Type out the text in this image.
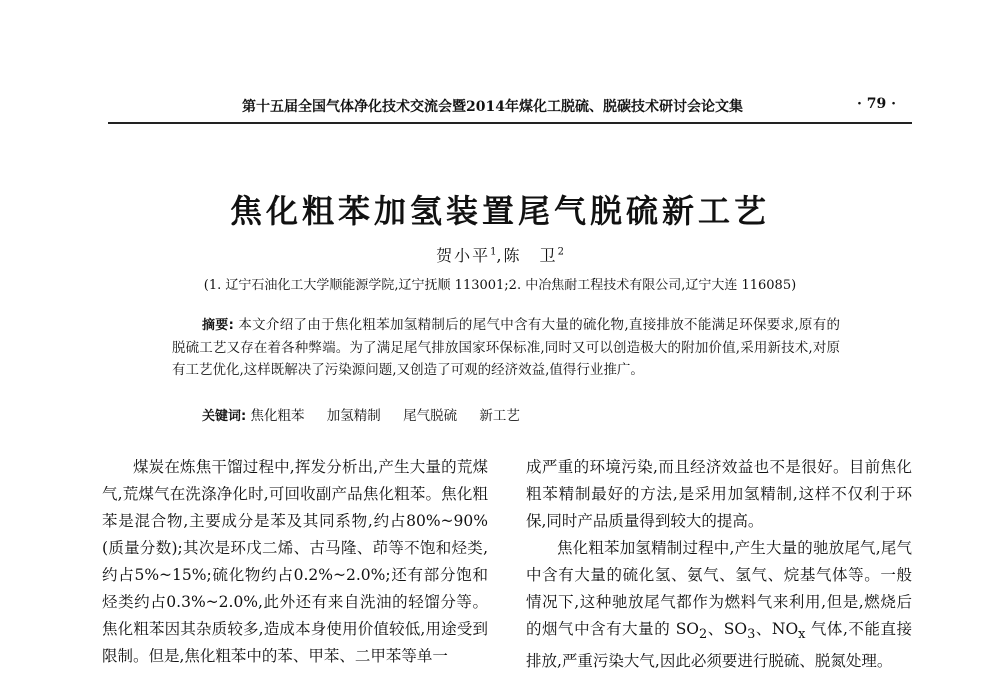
第十五届全国气体净化技术交流会暨2014年煤化工脱硫、脱碳技术研讨会论文集	· 79 ·
焦化粗苯加氢装置尾气脱硫新工艺
贺小平$^1$,陈　卫$^2$
(1. 辽宁石油化工大学顺能源学院,辽宁抚顺 113001;2. 中冶焦耐工程技术有限公司,辽宁大连 116085)
摘要: 本文介绍了由于焦化粗苯加氢精制后的尾气中含有大量的硫化物,直接排放不能满足环保要求,原有的脱硫工艺又存在着各种弊端。为了满足尾气排放国家环保标准,同时又可以创造极大的附加价值,采用新技术,对原有工艺优化,这样既解决了污染源问题,又创造了可观的经济效益,值得行业推广。
关键词: 焦化粗苯 加氢精制 尾气脱硫 新工艺

煤炭在炼焦干馏过程中,挥发分析出,产生大量的荒煤气,荒煤气在洗涤净化时,可回收副产品焦化粗苯。焦化粗苯是混合物,主要成分是苯及其同系物,约占80%~90%(质量分数);其次是环戊二烯、古马隆、茚等不饱和烃类,约占5%~15%;硫化物约占0.2%~2.0%;还有部分饱和烃类约占0.3%~2.0%,此外还有来自洗油的轻馏分等。焦化粗苯因其杂质较多,造成本身使用价值较低,用途受到限制。但是,焦化粗苯中的苯、甲苯、二甲苯等单一

成严重的环境污染,而且经济效益也不是很好。目前焦化粗苯精制最好的方法,是采用加氢精制,这样不仅利于环保,同时产品质量得到较大的提高。

焦化粗苯加氢精制过程中,产生大量的驰放尾气,尾气中含有大量的硫化氢、氨气、氢气、烷基气体等。一般情况下,这种驰放尾气都作为燃料气来利用,但是,燃烧后的烟气中含有大量的 $SO_2$、$SO_3$、$NO_x$ 气体,不能直接排放,严重污染大气,因此必须要进行脱硫、脱氮处理。
